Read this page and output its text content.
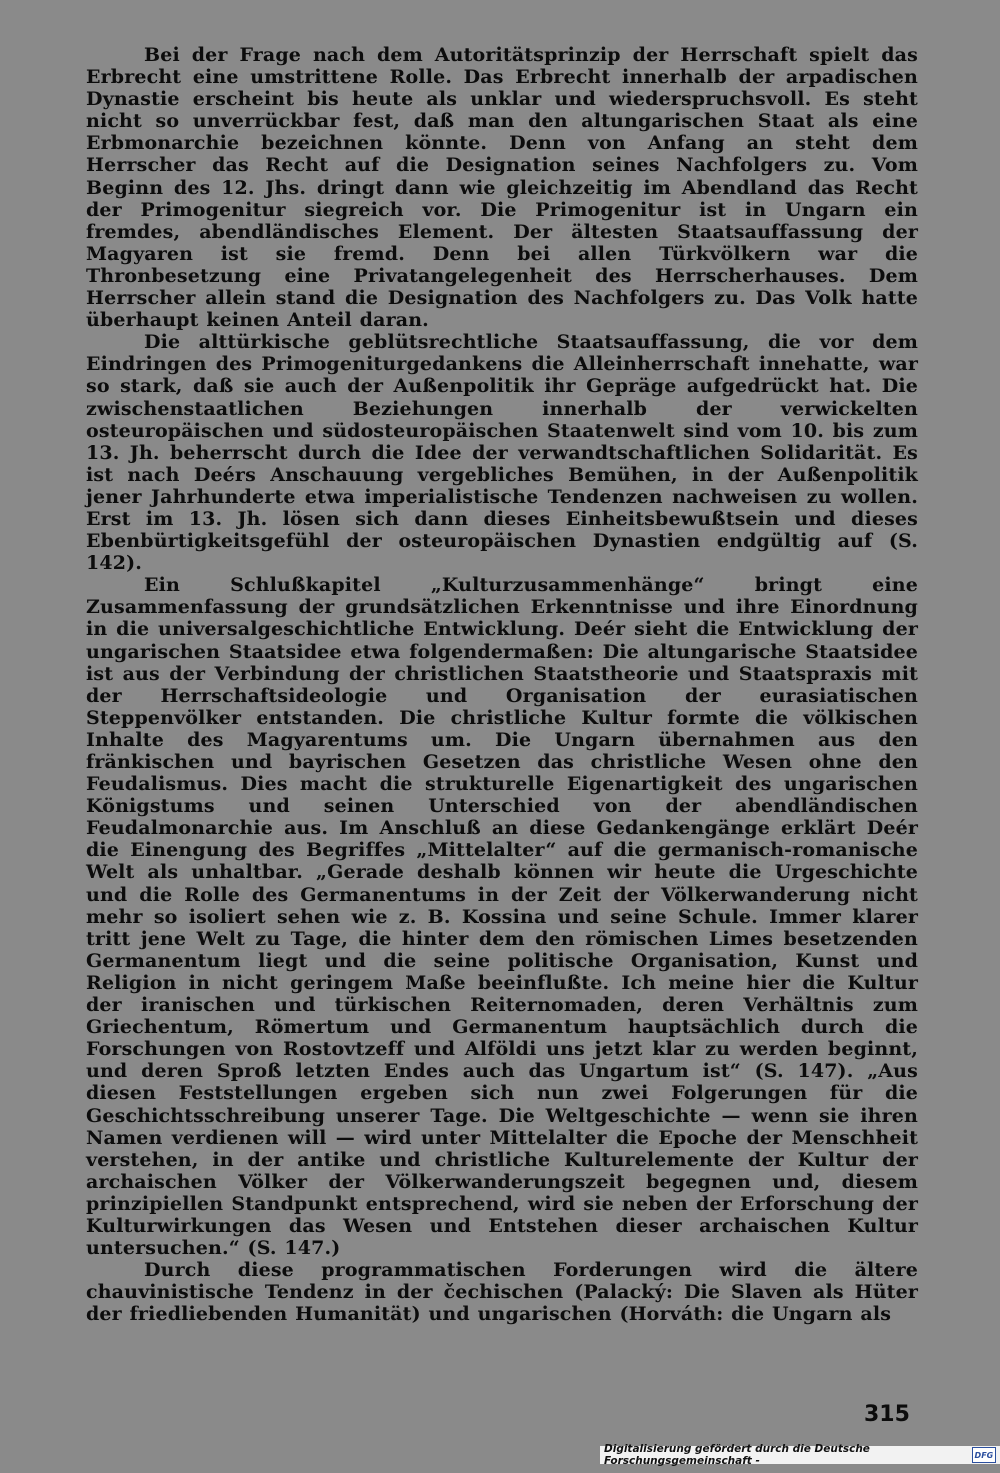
Bei der Frage nach dem Autoritätsprinzip der Herrschaft spielt das Erbrecht eine umstrittene Rolle. Das Erbrecht innerhalb der arpadischen Dynastie erscheint bis heute als unklar und wiederspruchsvoll. Es steht nicht so unverrückbar fest, daß man den altungarischen Staat als eine Erbmonarchie bezeichnen könnte. Denn von Anfang an steht dem Herrscher das Recht auf die Designation seines Nachfolgers zu. Vom Beginn des 12. Jhs. dringt dann wie gleichzeitig im Abendland das Recht der Primogenitur siegreich vor. Die Primogenitur ist in Ungarn ein fremdes, abendländisches Element. Der ältesten Staatsauffassung der Magyaren ist sie fremd. Denn bei allen Türkvölkern war die Thronbesetzung eine Privatangelegenheit des Herrscherhauses. Dem Herrscher allein stand die Designation des Nachfolgers zu. Das Volk hatte überhaupt keinen Anteil daran.

Die alttürkische geblütsrechtliche Staatsauffassung, die vor dem Eindringen des Primogeniturgedankens die Alleinherrschaft innehatte, war so stark, daß sie auch der Außenpolitik ihr Gepräge aufgedrückt hat. Die zwischenstaatlichen Beziehungen innerhalb der verwickelten osteuropäischen und südosteuropäischen Staatenwelt sind vom 10. bis zum 13. Jh. beherrscht durch die Idee der verwandtschaftlichen Solidarität. Es ist nach Deérs Anschauung vergebliches Bemühen, in der Außenpolitik jener Jahrhunderte etwa imperialistische Tendenzen nachweisen zu wollen. Erst im 13. Jh. lösen sich dann dieses Einheitsbewußtsein und dieses Ebenbürtigkeitsgefühl der osteuropäischen Dynastien endgültig auf (S. 142).

Ein Schlußkapitel „Kulturzusammenhänge“ bringt eine Zusammenfassung der grundsätzlichen Erkenntnisse und ihre Einordnung in die universalgeschichtliche Entwicklung. Deér sieht die Entwicklung der ungarischen Staatsidee etwa folgendermaßen: Die altungarische Staatsidee ist aus der Verbindung der christlichen Staatstheorie und Staatspraxis mit der Herrschaftsideologie und Organisation der eurasiatischen Steppenvölker entstanden. Die christliche Kultur formte die völkischen Inhalte des Magyarentums um. Die Ungarn übernahmen aus den fränkischen und bayrischen Gesetzen das christliche Wesen ohne den Feudalismus. Dies macht die strukturelle Eigenartigkeit des ungarischen Königstums und seinen Unterschied von der abendländischen Feudalmonarchie aus. Im Anschluß an diese Gedankengänge erklärt Deér die Einengung des Begriffes „Mittelalter“ auf die germanisch-romanische Welt als unhaltbar. „Gerade deshalb können wir heute die Urgeschichte und die Rolle des Germanentums in der Zeit der Völkerwanderung nicht mehr so isoliert sehen wie z. B. Kossina und seine Schule. Immer klarer tritt jene Welt zu Tage, die hinter dem den römischen Limes besetzenden Germanentum liegt und die seine politische Organisation, Kunst und Religion in nicht geringem Maße beeinflußte. Ich meine hier die Kultur der iranischen und türkischen Reiternomaden, deren Verhältnis zum Griechentum, Römertum und Germanentum hauptsächlich durch die Forschungen von Rostovtzeff und Alföldi uns jetzt klar zu werden beginnt, und deren Sproß letzten Endes auch das Ungartum ist“ (S. 147). „Aus diesen Feststellungen ergeben sich nun zwei Folgerungen für die Geschichtsschreibung unserer Tage. Die Weltgeschichte — wenn sie ihren Namen verdienen will — wird unter Mittelalter die Epoche der Menschheit verstehen, in der antike und christliche Kulturelemente der Kultur der archaischen Völker der Völkerwanderungszeit begegnen und, diesem prinzipiellen Standpunkt entsprechend, wird sie neben der Erforschung der Kulturwirkungen das Wesen und Entstehen dieser archaischen Kultur untersuchen.“ (S. 147.)

Durch diese programmatischen Forderungen wird die ältere chauvinistische Tendenz in der čechischen (Palacký: Die Slaven als Hüter der friedliebenden Humanität) und ungarischen (Horváth: die Ungarn als

315
Digitalisierung gefördert durch die Deutsche Forschungsgemeinschaft -	DFG
